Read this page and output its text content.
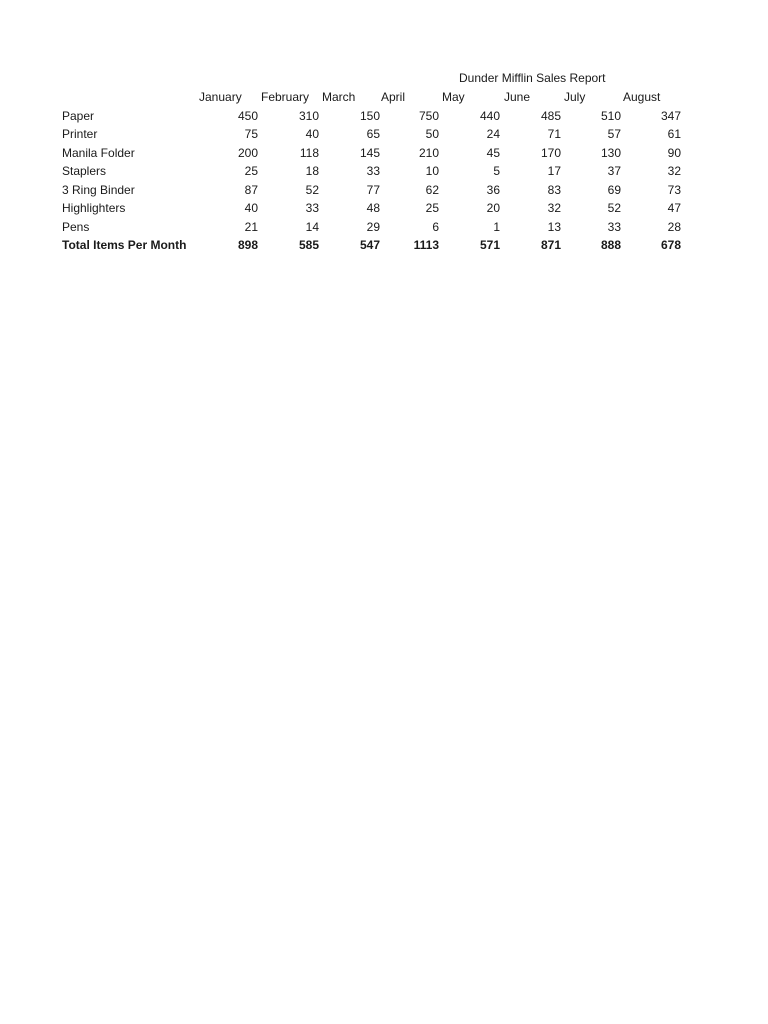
Dunder Mifflin Sales Report
	January	February	March	April	May	June	July	August
Paper	450	310	150	750	440	485	510	347
Printer	75	40	65	50	24	71	57	61
Manila Folder	200	118	145	210	45	170	130	90
Staplers	25	18	33	10	5	17	37	32
3 Ring Binder	87	52	77	62	36	83	69	73
Highlighters	40	33	48	25	20	32	52	47
Pens	21	14	29	6	1	13	33	28
Total Items Per Month	898	585	547	1113	571	871	888	678
